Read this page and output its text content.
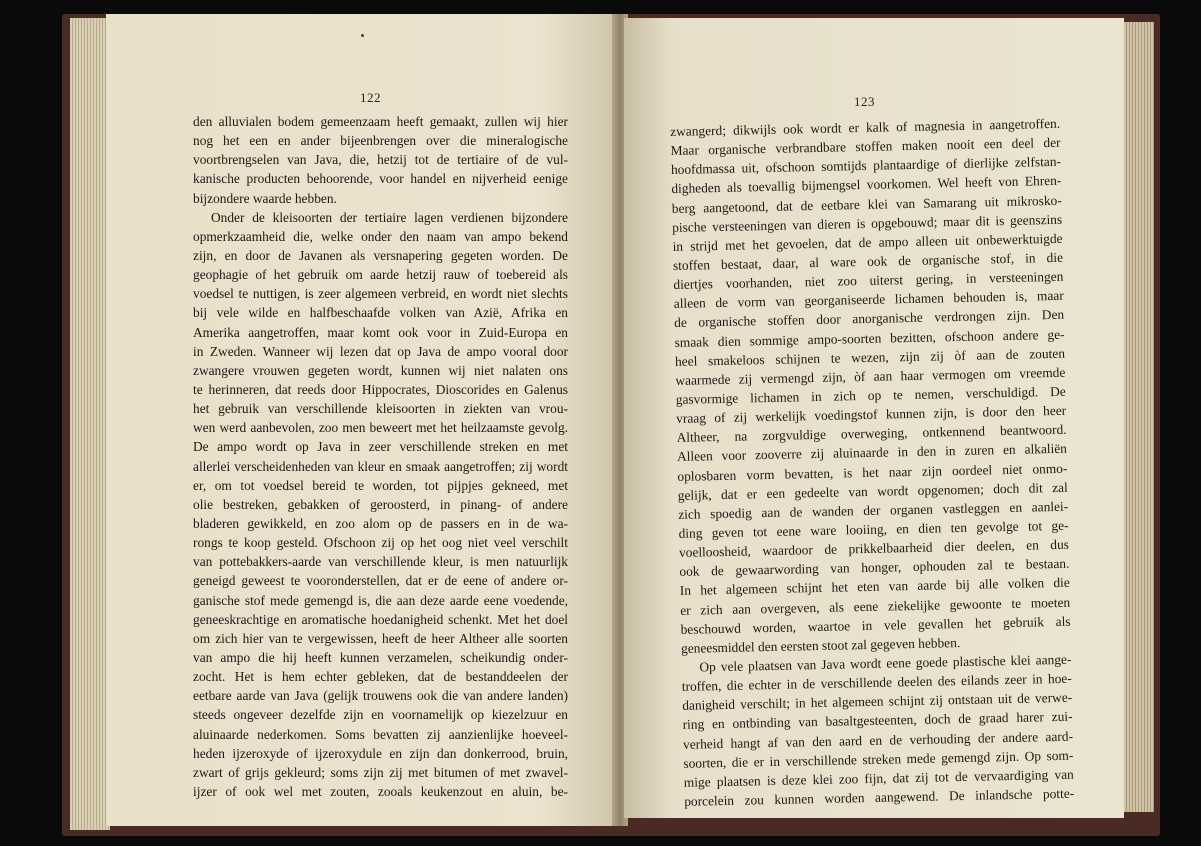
122
den alluvialen bodem gemeenzaam heeft gemaakt, zullen wij hier
nog het een en ander bijeenbrengen over die mineralogische
voortbrengselen van Java, die, hetzij tot de tertiaire of de vul-
kanische producten behoorende, voor handel en nijverheid eenige
bijzondere waarde hebben.
Onder de kleisoorten der tertiaire lagen verdienen bijzondere
opmerkzaamheid die, welke onder den naam van ampo bekend
zijn, en door de Javanen als versnapering gegeten worden. De
geophagie of het gebruik om aarde hetzij rauw of toebereid als
voedsel te nuttigen, is zeer algemeen verbreid, en wordt niet slechts
bij vele wilde en halfbeschaafde volken van Azië, Afrika en
Amerika aangetroffen, maar komt ook voor in Zuid-Europa en
in Zweden. Wanneer wij lezen dat op Java de ampo vooral door
zwangere vrouwen gegeten wordt, kunnen wij niet nalaten ons
te herinneren, dat reeds door Hippocrates, Dioscorides en Galenus
het gebruik van verschillende kleisoorten in ziekten van vrou-
wen werd aanbevolen, zoo men beweert met het heilzaamste gevolg.
De ampo wordt op Java in zeer verschillende streken en met
allerlei verscheidenheden van kleur en smaak aangetroffen; zij wordt
er, om tot voedsel bereid te worden, tot pijpjes gekneed, met
olie bestreken, gebakken of geroosterd, in pinang- of andere
bladeren gewikkeld, en zoo alom op de passers en in de wa-
rongs te koop gesteld. Ofschoon zij op het oog niet veel verschilt
van pottebakkers-aarde van verschillende kleur, is men natuurlijk
geneigd geweest te vooronderstellen, dat er de eene of andere or-
ganische stof mede gemengd is, die aan deze aarde eene voedende,
geneeskrachtige en aromatische hoedanigheid schenkt. Met het doel
om zich hier van te vergewissen, heeft de heer Altheer alle soorten
van ampo die hij heeft kunnen verzamelen, scheikundig onder-
zocht. Het is hem echter gebleken, dat de bestanddeelen der
eetbare aarde van Java (gelijk trouwens ook die van andere landen)
steeds ongeveer dezelfde zijn en voornamelijk op kiezelzuur en
aluinaarde nederkomen. Soms bevatten zij aanzienlijke hoeveel-
heden ijzeroxyde of ijzeroxydule en zijn dan donkerrood, bruin,
zwart of grijs gekleurd; soms zijn zij met bitumen of met zwavel-
ijzer of ook wel met zouten, zooals keukenzout en aluin, be-
123
zwangerd; dikwijls ook wordt er kalk of magnesia in aangetroffen.
Maar organische verbrandbare stoffen maken nooit een deel der
hoofdmassa uit, ofschoon somtijds plantaardige of dierlijke zelfstan-
digheden als toevallig bijmengsel voorkomen. Wel heeft von Ehren-
berg aangetoond, dat de eetbare klei van Samarang uit mikrosko-
pische versteeningen van dieren is opgebouwd; maar dit is geenszins
in strijd met het gevoelen, dat de ampo alleen uit onbewerktuigde
stoffen bestaat, daar, al ware ook de organische stof, in die
diertjes voorhanden, niet zoo uiterst gering, in versteeningen
alleen de vorm van georganiseerde lichamen behouden is, maar
de organische stoffen door anorganische verdrongen zijn. Den
smaak dien sommige ampo-soorten bezitten, ofschoon andere ge-
heel smakeloos schijnen te wezen, zijn zij òf aan de zouten
waarmede zij vermengd zijn, òf aan haar vermogen om vreemde
gasvormige lichamen in zich op te nemen, verschuldigd. De
vraag of zij werkelijk voedingstof kunnen zijn, is door den heer
Altheer, na zorgvuldige overweging, ontkennend beantwoord.
Alleen voor zooverre zij aluinaarde in den in zuren en alkaliën
oplosbaren vorm bevatten, is het naar zijn oordeel niet onmo-
gelijk, dat er een gedeelte van wordt opgenomen; doch dit zal
zich spoedig aan de wanden der organen vastleggen en aanlei-
ding geven tot eene ware looiing, en dien ten gevolge tot ge-
voelloosheid, waardoor de prikkelbaarheid dier deelen, en dus
ook de gewaarwording van honger, ophouden zal te bestaan.
In het algemeen schijnt het eten van aarde bij alle volken die
er zich aan overgeven, als eene ziekelijke gewoonte te moeten
beschouwd worden, waartoe in vele gevallen het gebruik als
geneesmiddel den eersten stoot zal gegeven hebben.
Op vele plaatsen van Java wordt eene goede plastische klei aange-
troffen, die echter in de verschillende deelen des eilands zeer in hoe-
danigheid verschilt; in het algemeen schijnt zij ontstaan uit de verwe-
ring en ontbinding van basaltgesteenten, doch de graad harer zui-
verheid hangt af van den aard en de verhouding der andere aard-
soorten, die er in verschillende streken mede gemengd zijn. Op som-
mige plaatsen is deze klei zoo fijn, dat zij tot de vervaardiging van
porcelein zou kunnen worden aangewend. De inlandsche potte-
